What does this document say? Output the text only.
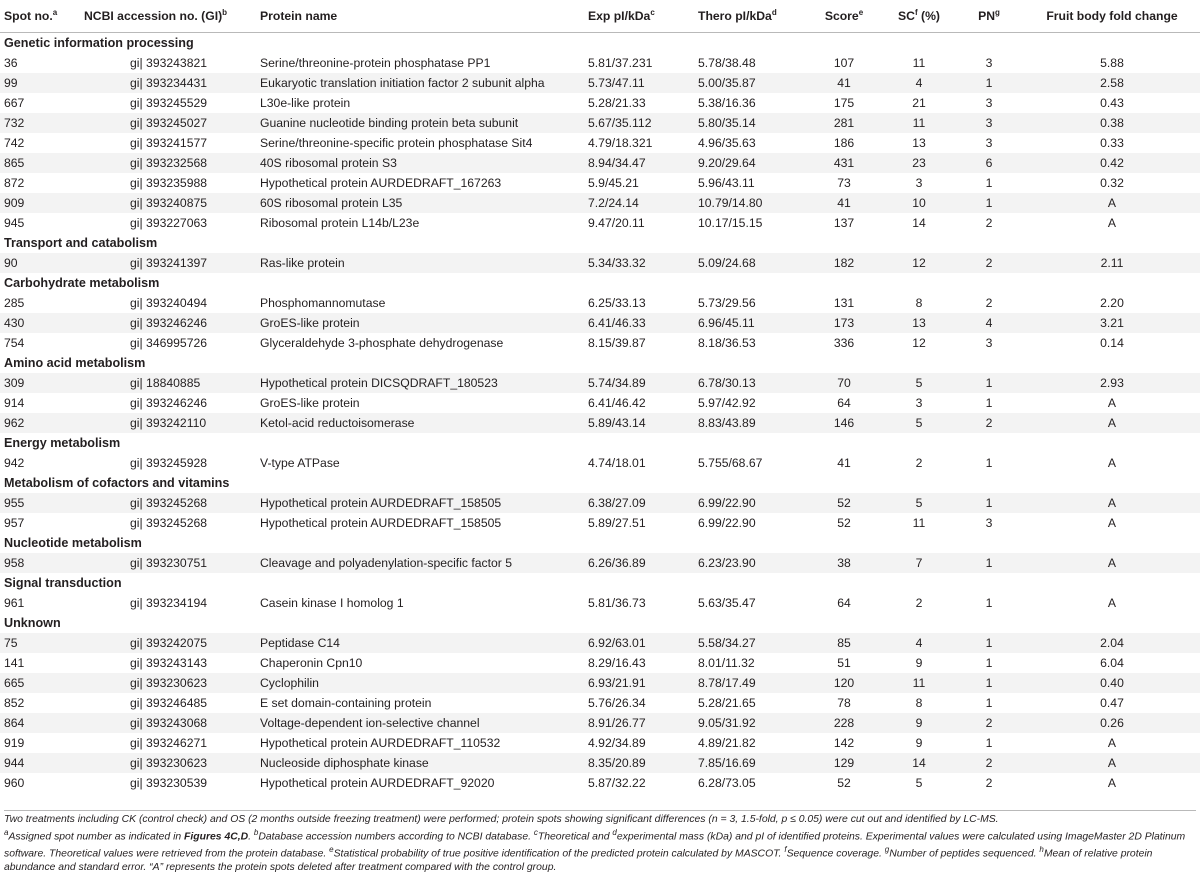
Spot no.$^a$	NCBI accession no. (GI)$^b$	Protein name	Exp pI/kDa$^c$	Thero pI/kDa$^d$	Score$^e$	$SC^f$ (%)	$PN^g$	Fruit body fold change
Genetic information processing								
36	gi| 393243821	Serine/threonine-protein phosphatase PP1	5.81/37.231	5.78/38.48	107	11	3	5.88
99	gi| 393234431	Eukaryotic translation initiation factor 2 subunit alpha	5.73/47.11	5.00/35.87	41	4	1	2.58
667	gi| 393245529	L30e-like protein	5.28/21.33	5.38/16.36	175	21	3	0.43
732	gi| 393245027	Guanine nucleotide binding protein beta subunit	5.67/35.112	5.80/35.14	281	11	3	0.38
742	gi| 393241577	Serine/threonine-specific protein phosphatase Sit4	4.79/18.321	4.96/35.63	186	13	3	0.33
865	gi| 393232568	40S ribosomal protein S3	8.94/34.47	9.20/29.64	431	23	6	0.42
872	gi| 393235988	Hypothetical protein AURDEDRAFT_167263	5.9/45.21	5.96/43.11	73	3	1	0.32
909	gi| 393240875	60S ribosomal protein L35	7.2/24.14	10.79/14.80	41	10	1	A
945	gi| 393227063	Ribosomal protein L14b/L23e	9.47/20.11	10.17/15.15	137	14	2	A
Transport and catabolism								
90	gi| 393241397	Ras-like protein	5.34/33.32	5.09/24.68	182	12	2	2.11
Carbohydrate metabolism								
285	gi| 393240494	Phosphomannomutase	6.25/33.13	5.73/29.56	131	8	2	2.20
430	gi| 393246246	GroES-like protein	6.41/46.33	6.96/45.11	173	13	4	3.21
754	gi| 346995726	Glyceraldehyde 3-phosphate dehydrogenase	8.15/39.87	8.18/36.53	336	12	3	0.14
Amino acid metabolism								
309	gi| 18840885	Hypothetical protein DICSQDRAFT_180523	5.74/34.89	6.78/30.13	70	5	1	2.93
914	gi| 393246246	GroES-like protein	6.41/46.42	5.97/42.92	64	3	1	A
962	gi| 393242110	Ketol-acid reductoisomerase	5.89/43.14	8.83/43.89	146	5	2	A
Energy metabolism								
942	gi| 393245928	V-type ATPase	4.74/18.01	5.755/68.67	41	2	1	A
Metabolism of cofactors and vitamins								
955	gi| 393245268	Hypothetical protein AURDEDRAFT_158505	6.38/27.09	6.99/22.90	52	5	1	A
957	gi| 393245268	Hypothetical protein AURDEDRAFT_158505	5.89/27.51	6.99/22.90	52	11	3	A
Nucleotide metabolism								
958	gi| 393230751	Cleavage and polyadenylation-specific factor 5	6.26/36.89	6.23/23.90	38	7	1	A
Signal transduction								
961	gi| 393234194	Casein kinase I homolog 1	5.81/36.73	5.63/35.47	64	2	1	A
Unknown								
75	gi| 393242075	Peptidase C14	6.92/63.01	5.58/34.27	85	4	1	2.04
141	gi| 393243143	Chaperonin Cpn10	8.29/16.43	8.01/11.32	51	9	1	6.04
665	gi| 393230623	Cyclophilin	6.93/21.91	8.78/17.49	120	11	1	0.40
852	gi| 393246485	E set domain-containing protein	5.76/26.34	5.28/21.65	78	8	1	0.47
864	gi| 393243068	Voltage-dependent ion-selective channel	8.91/26.77	9.05/31.92	228	9	2	0.26
919	gi| 393246271	Hypothetical protein AURDEDRAFT_110532	4.92/34.89	4.89/21.82	142	9	1	A
944	gi| 393230623	Nucleoside diphosphate kinase	8.35/20.89	7.85/16.69	129	14	2	A
960	gi| 393230539	Hypothetical protein AURDEDRAFT_92020	5.87/32.22	6.28/73.05	52	5	2	A

Two treatments including CK (control check) and OS (2 months outside freezing treatment) were performed; protein spots showing significant differences (n = 3, 1.5-fold, p ≤ 0.05) were cut out and identified by LC-MS.

$^a$Assigned spot number as indicated in Figures 4C,D. $^b$Database accession numbers according to NCBI database. $^c$Theoretical and $^d$experimental mass (kDa) and pI of identified proteins. Experimental values were calculated using ImageMaster 2D Platinum software. Theoretical values were retrieved from the protein database. $^e$Statistical probability of true positive identification of the predicted protein calculated by MASCOT. $^f$Sequence coverage. $^g$Number of peptides sequenced. $^h$Mean of relative protein abundance and standard error. “A” represents the protein spots deleted after treatment compared with the control group.
